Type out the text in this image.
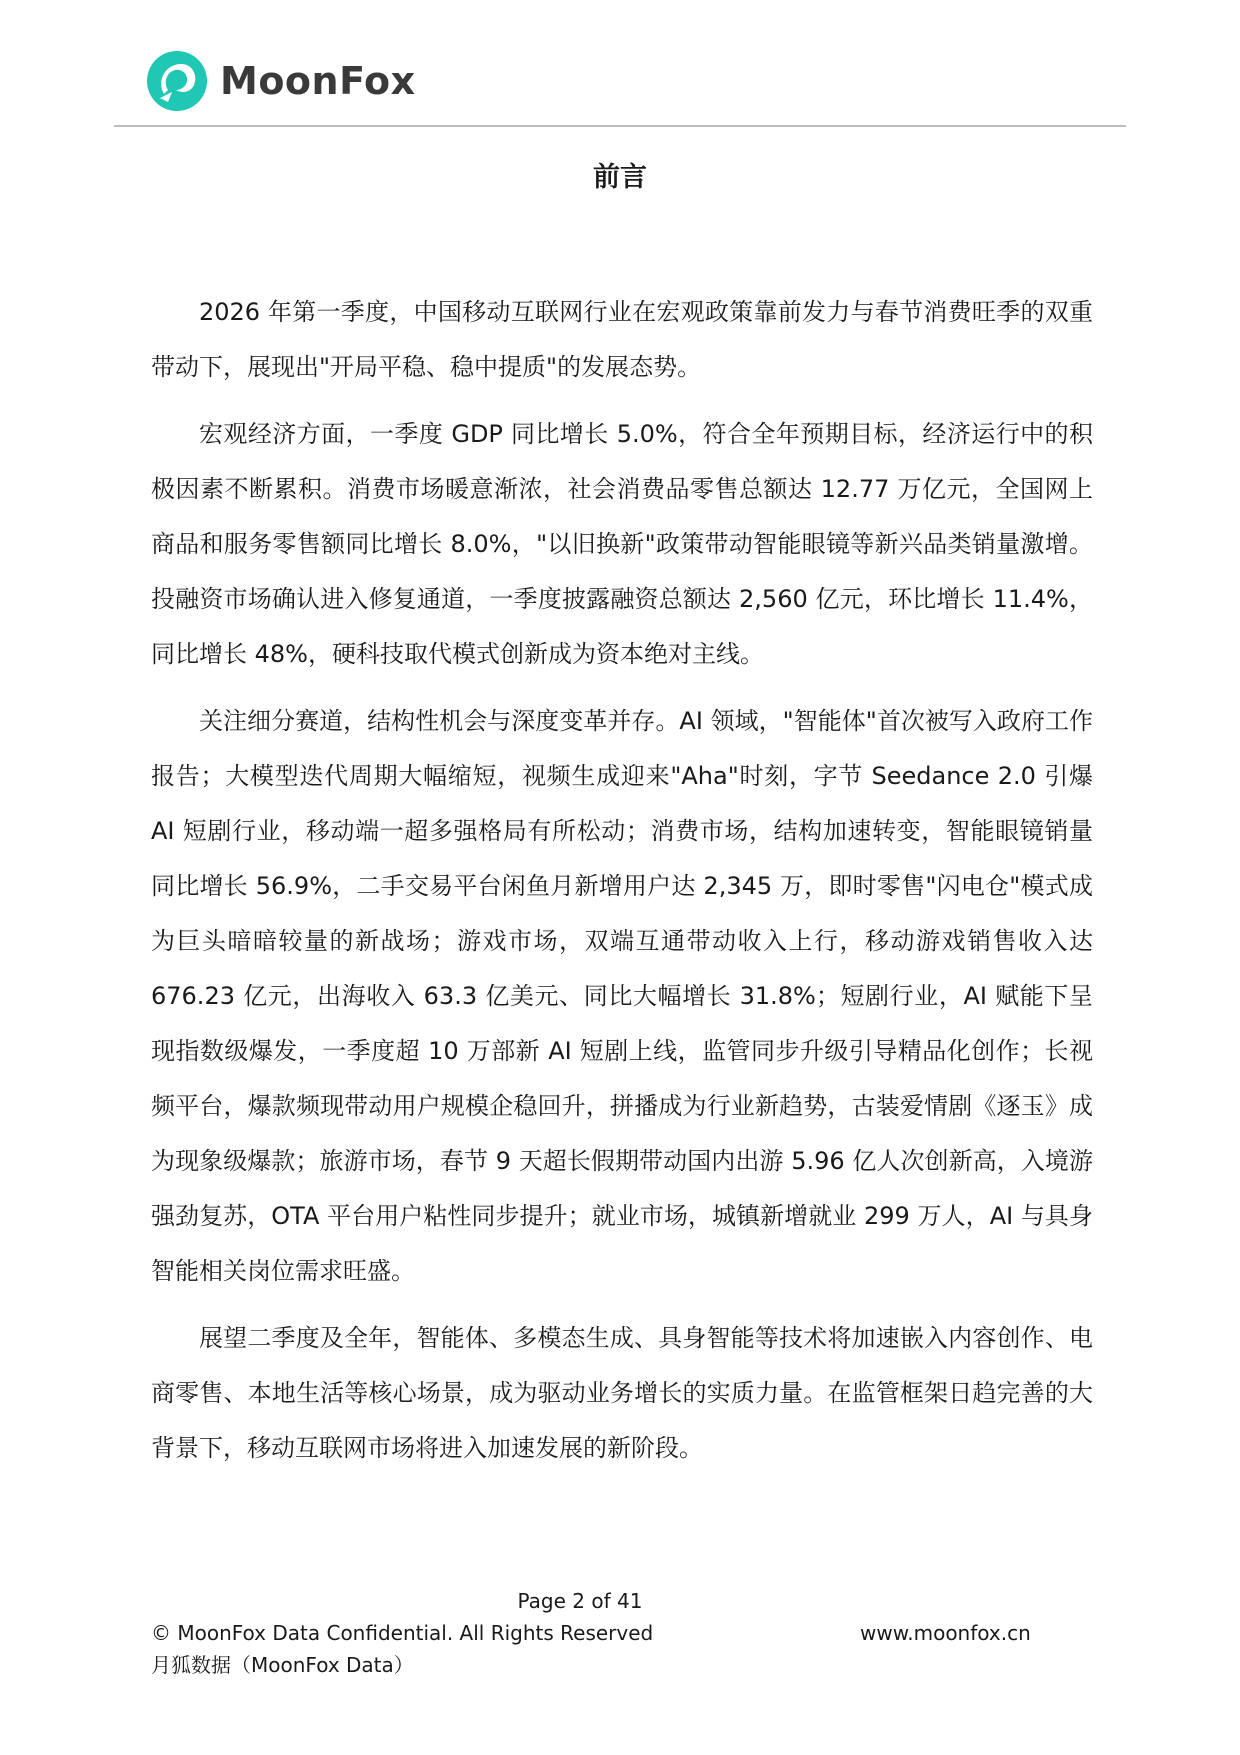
MoonFox
前言

2026 年第一季度，中国移动互联网行业在宏观政策靠前发力与春节消费旺季的双重带动下，展现出"开局平稳、稳中提质"的发展态势。

宏观经济方面，一季度 GDP 同比增长 5.0%，符合全年预期目标，经济运行中的积极因素不断累积。消费市场暖意渐浓，社会消费品零售总额达 12.77 万亿元，全国网上商品和服务零售额同比增长 8.0%，"以旧换新"政策带动智能眼镜等新兴品类销量激增。投融资市场确认进入修复通道，一季度披露融资总额达 2,560 亿元，环比增长 11.4%，同比增长 48%，硬科技取代模式创新成为资本绝对主线。

关注细分赛道，结构性机会与深度变革并存。AI 领域，"智能体"首次被写入政府工作报告；大模型迭代周期大幅缩短，视频生成迎来"Aha"时刻，字节 Seedance 2.0 引爆 AI 短剧行业，移动端一超多强格局有所松动；消费市场，结构加速转变，智能眼镜销量同比增长 56.9%，二手交易平台闲鱼月新增用户达 2,345 万，即时零售"闪电仓"模式成为巨头暗暗较量的新战场；游戏市场，双端互通带动收入上行，移动游戏销售收入达 676.23 亿元，出海收入 63.3 亿美元、同比大幅增长 31.8%；短剧行业，AI 赋能下呈现指数级爆发，一季度超 10 万部新 AI 短剧上线，监管同步升级引导精品化创作；长视频平台，爆款频现带动用户规模企稳回升，拼播成为行业新趋势，古装爱情剧《逐玉》成为现象级爆款；旅游市场，春节 9 天超长假期带动国内出游 5.96 亿人次创新高，入境游强劲复苏，OTA 平台用户粘性同步提升；就业市场，城镇新增就业 299 万人，AI 与具身智能相关岗位需求旺盛。

展望二季度及全年，智能体、多模态生成、具身智能等技术将加速嵌入内容创作、电商零售、本地生活等核心场景，成为驱动业务增长的实质力量。在监管框架日趋完善的大背景下，移动互联网市场将进入加速发展的新阶段。

Page 2 of 41
© MoonFox Data Confidential. All Rights Reserved	www.moonfox.cn
月狐数据（MoonFox Data）
